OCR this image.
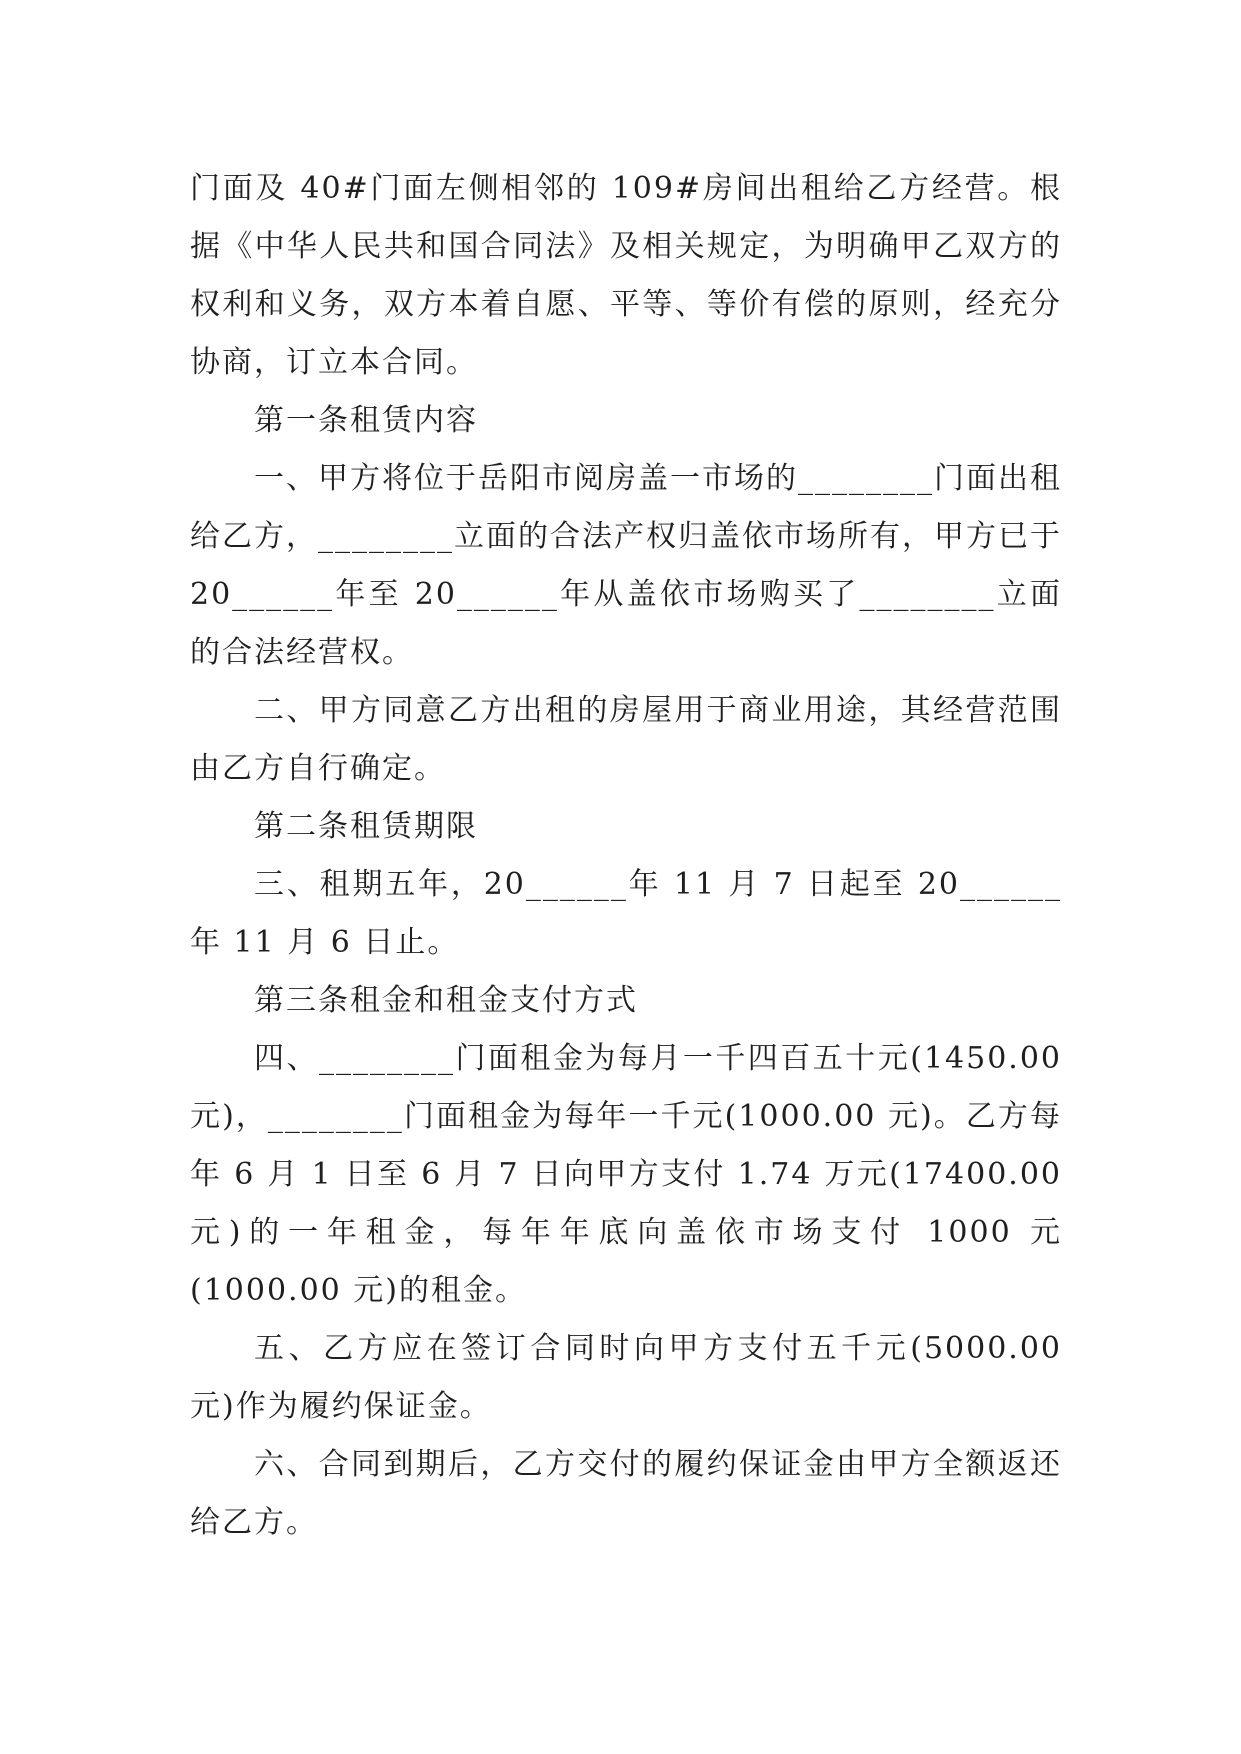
门面及 40#门面左侧相邻的 109#房间出租给乙方经营。根据《中华人民共和国合同法》及相关规定，为明确甲乙双方的权利和义务，双方本着自愿、平等、等价有偿的原则，经充分协商，订立本合同。

第一条租赁内容

一、甲方将位于岳阳市阅房盖一市场的________门面出租给乙方，________立面的合法产权归盖依市场所有，甲方已于 20______年至 20______年从盖依市场购买了________立面的合法经营权。

二、甲方同意乙方出租的房屋用于商业用途，其经营范围由乙方自行确定。

第二条租赁期限

三、租期五年，20______年 11 月 7 日起至 20______年 11 月 6 日止。

第三条租金和租金支付方式

四、________门面租金为每月一千四百五十元(1450.00 元)，________门面租金为每年一千元(1000.00 元)。乙方每年 6 月 1 日至 6 月 7 日向甲方支付 1.74 万元(17400.00 元)的一年租金，每年年底向盖依市场支付 1000 元(1000.00 元)的租金。

五、乙方应在签订合同时向甲方支付五千元(5000.00 元)作为履约保证金。

六、合同到期后，乙方交付的履约保证金由甲方全额返还给乙方。
